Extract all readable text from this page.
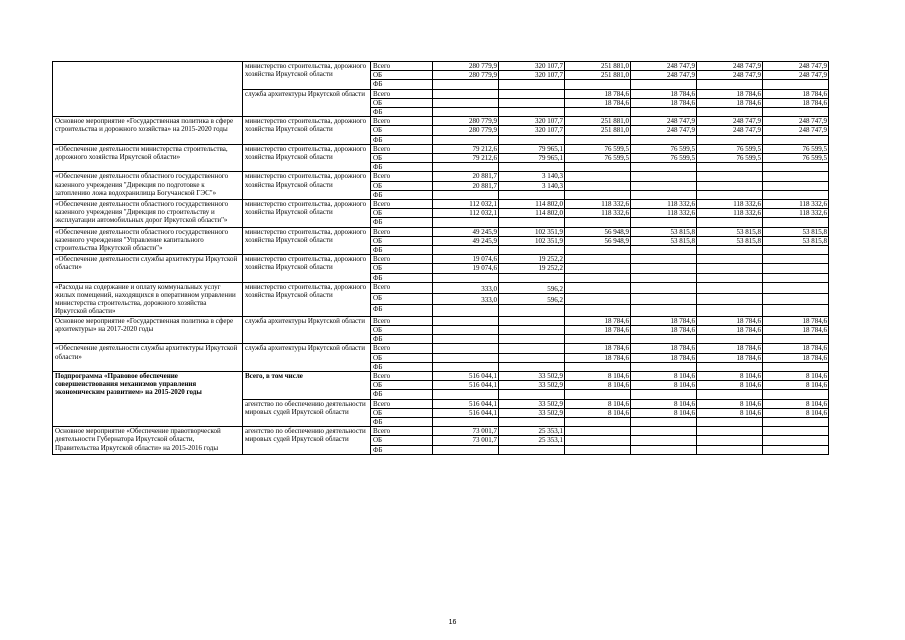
	министерство строительства, дорожного хозяйства Иркутской области	Всего	280 779,9	320 107,7	251 881,0	248 747,9	248 747,9	248 747,9
		ОБ	280 779,9	320 107,7	251 881,0	248 747,9	248 747,9	248 747,9
		ФБ						
	служба архитектуры Иркутской области	Всего			18 784,6	18 784,6	18 784,6	18 784,6
		ОБ			18 784,6	18 784,6	18 784,6	18 784,6
		ФБ						
Основное мероприятие «Государственная политика в сфере строительства и дорожного хозяйства» на 2015-2020 годы	министерство строительства, дорожного хозяйства Иркутской области	Всего	280 779,9	320 107,7	251 881,0	248 747,9	248 747,9	248 747,9
		ОБ	280 779,9	320 107,7	251 881,0	248 747,9	248 747,9	248 747,9
		ФБ						
«Обеспечение деятельности министерства строительства, дорожного хозяйства Иркутской области»	министерство строительства, дорожного хозяйства Иркутской области	Всего	79 212,6	79 965,1	76 599,5	76 599,5	76 599,5	76 599,5
		ОБ	79 212,6	79 965,1	76 599,5	76 599,5	76 599,5	76 599,5
		ФБ						
«Обеспечение деятельности областного государственного казенного учреждения "Дирекция по подготовке к затоплению ложа водохранилища Богучанской ГЭС"»	министерство строительства, дорожного хозяйства Иркутской области	Всего	20 881,7	3 140,3				
		ОБ	20 881,7	3 140,3				
		ФБ						
«Обеспечение деятельности областного государственного казенного учреждения "Дирекция по строительству и эксплуатации автомобильных дорог Иркутской области"»	министерство строительства, дорожного хозяйства Иркутской области	Всего	112 032,1	114 802,0	118 332,6	118 332,6	118 332,6	118 332,6
		ОБ	112 032,1	114 802,0	118 332,6	118 332,6	118 332,6	118 332,6
		ФБ						
«Обеспечение деятельности областного государственного казенного учреждения "Управление капитального строительства Иркутской области"»	министерство строительства, дорожного хозяйства Иркутской области	Всего	49 245,9	102 351,9	56 948,9	53 815,8	53 815,8	53 815,8
		ОБ	49 245,9	102 351,9	56 948,9	53 815,8	53 815,8	53 815,8
		ФБ						
«Обеспечение деятельности службы архитектуры Иркутской области»	министерство строительства, дорожного хозяйства Иркутской области	Всего	19 074,6	19 252,2				
		ОБ	19 074,6	19 252,2				
		ФБ						
«Расходы на содержание и оплату коммунальных услуг жилых помещений, находящихся в оперативном управлении министерства строительства, дорожного хозяйства Иркутской области»	министерство строительства, дорожного хозяйства Иркутской области	Всего	333,0	596,2				
		ОБ	333,0	596,2				
		ФБ						
Основное мероприятие «Государственная политика в сфере архитектуры» на 2017-2020 годы	служба архитектуры Иркутской области	Всего			18 784,6	18 784,6	18 784,6	18 784,6
		ОБ			18 784,6	18 784,6	18 784,6	18 784,6
		ФБ						
«Обеспечение деятельности службы архитектуры Иркутской области»	служба архитектуры Иркутской области	Всего			18 784,6	18 784,6	18 784,6	18 784,6
		ОБ			18 784,6	18 784,6	18 784,6	18 784,6
		ФБ						
Подпрограмма «Правовое обеспечение совершенствования механизмов управления экономическим развитием» на 2015-2020 годы	Всего, в том числе	Всего	516 044,1	33 502,9	8 104,6	8 104,6	8 104,6	8 104,6
		ОБ	516 044,1	33 502,9	8 104,6	8 104,6	8 104,6	8 104,6
		ФБ						
	агентство по обеспечению деятельности мировых судей Иркутской области	Всего	516 044,1	33 502,9	8 104,6	8 104,6	8 104,6	8 104,6
		ОБ	516 044,1	33 502,9	8 104,6	8 104,6	8 104,6	8 104,6
		ФБ						
Основное мероприятие «Обеспечение правотворческой деятельности Губернатора Иркутской области, Правительства Иркутской области» на 2015-2016 годы	агентство по обеспечению деятельности мировых судей Иркутской области	Всего	73 001,7	25 353,1				
		ОБ	73 001,7	25 353,1				
		ФБ						
16
